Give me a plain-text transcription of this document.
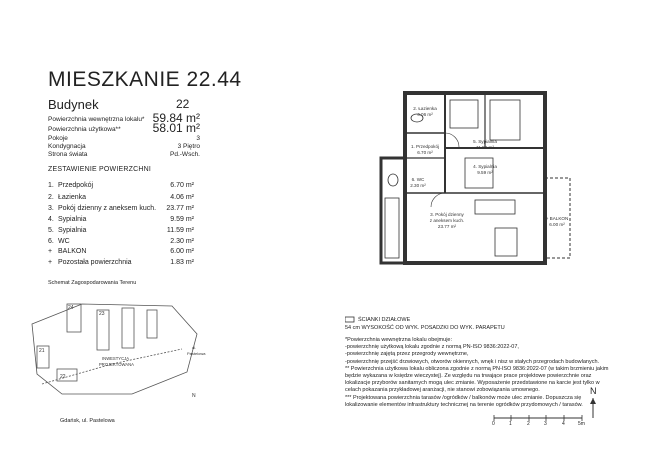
MIESZKANIE 22.44
Budynek	22
Powierzchnia wewnętrzna lokalu* 59.84 m²
Powierzchnia użytkowa**	58.01 m²
Pokoje	3
Kondygnacja	3 Piętro
Strona świata	Pd.-Wsch.
ZESTAWIENIE POWIERZCHNI
1. Przedpokój	6.70 m²
2. Łazienka	4.06 m²
3. Pokój dzienny z aneksem kuch. 23.77 m²
4. Sypialnia	9.59 m²
5. Sypialnia	11.59 m²
6. WC	2.30 m²
+ BALKON	6.00 m²
+ Pozostała powierzchnia	1.83 m²
2. Łazienka
4.06 m²
1. Przedpokój
6.70 m²
5. Sypialnia
11.59 m²
4. Sypialnia
9.59 m²
6. WC
2.30 m²
3. Pokój dzienny
z aneksem kuch.
23.77 m²
+ BALKON
6.00 m²
Schemat Zagospodarowania Terenu
24
23
21
22
INWESTYCJA
PROJEKTOWANA
ul.
Pastelowa
N
Gdańsk, ul. Pastelowa
ŚCIANKI DZIAŁOWE
54 cm WYSOKOŚĆ OD WYK. POSADZKI DO WYK. PARAPETU

*Powierzchnia wewnętrzna lokalu obejmuje:

-powierzchnię użytkową lokalu zgodnie z normą PN-ISO 9836:2022-07,

-powierzchnię zajętą przez przegrody wewnętrzne,

-powierzchnię przejść drzwiowych, otworów okiennych, wnęk i nisz w stałych przegrodach budowlanych.

** Powierzchnia użytkowa lokalu obliczona zgodnie z normą PN-ISO 9836:2022-07 (w takim brzmieniu jakim będzie wykazana w księdze wieczystej). Ze względu na trwające prace projektowe powierzchnie oraz lokalizacje przyborów sanitarnych mogą ulec zmianie. Wyposażenie przedstawione na karcie jest tylko w celach pokazania przykładowej aranżacji, nie stanowi zobowiązania umownego.

*** Projektowana powierzchnia tarasów /ogródków / balkonów może ulec zmianie. Dopuszcza się lokalizowanie elementów infrastruktury technicznej na terenie ogródków przydomowych / tarasów.

N
0	1	2	3	4	5m
